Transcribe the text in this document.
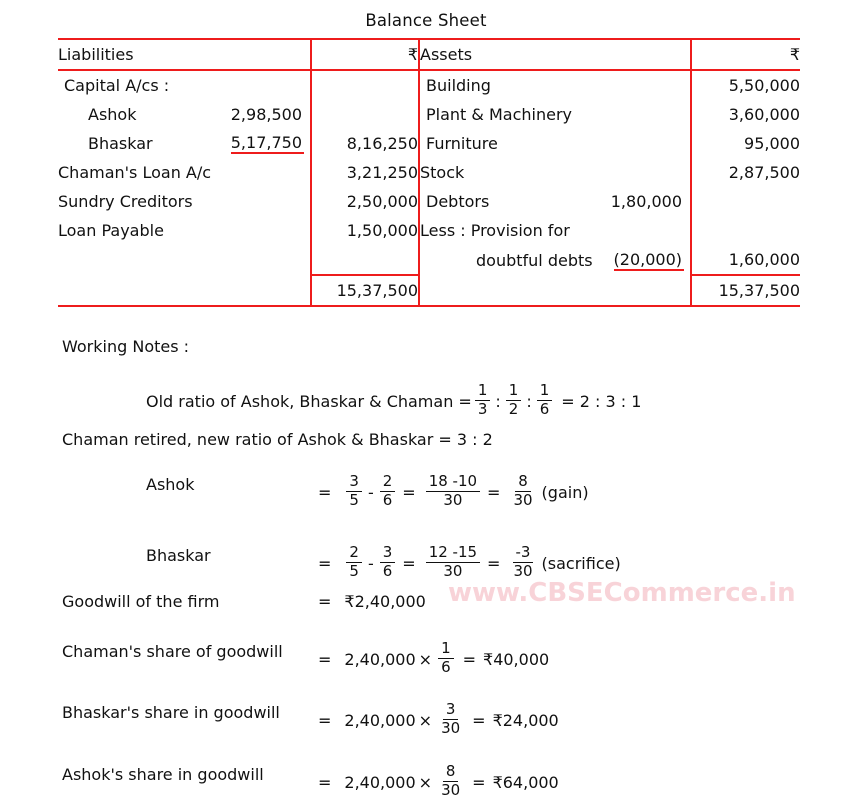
Balance Sheet
Liabilities	₹	Assets	₹

Capital A/cs :		Building	5,50,000

Ashok 2,98,500		Plant & Machinery	3,60,000

Bhaskar 5,17,750	8,16,250	Furniture	95,000
Chaman's Loan A/c	3,21,250	Stock	2,87,500
Sundry Creditors	2,50,000	Debtors 1,80,000	

Loan Payable	1,50,000	Less : Provision for	

		doubtful debts (20,000)	1,60,000
	15,37,500		15,37,500

Working Notes :
Old ratio of Ashok, Bhaskar & Chaman = $\frac{1}{3}$ : $\frac{1}{2}$ : $\frac{1}{6} = 2$ : 3 : 1
Chaman retired, new ratio of Ashok & Bhaskar = 3 : 2
Ashok	= $\frac{3}{5} - \frac{2}{6} = \frac{18 -10}{30} = \frac{8}{30}$ (gain)
Bhaskar	= $\frac{2}{5} - \frac{3}{6} = \frac{12 -15}{30} = \frac{-3}{30}$ (sacrifice)
Goodwill of the firm	= ₹2,40,000
Chaman's share of goodwill = $2,40,000 \times \frac{1}{6}$ = ₹40,000
Bhaskar's share in goodwill = $2,40,000 \times \frac{3}{30}$ = ₹24,000
Ashok's share in goodwill	= $2,40,000 \times \frac{8}{30}$ = ₹64,000
www.CBSECommerce.in
